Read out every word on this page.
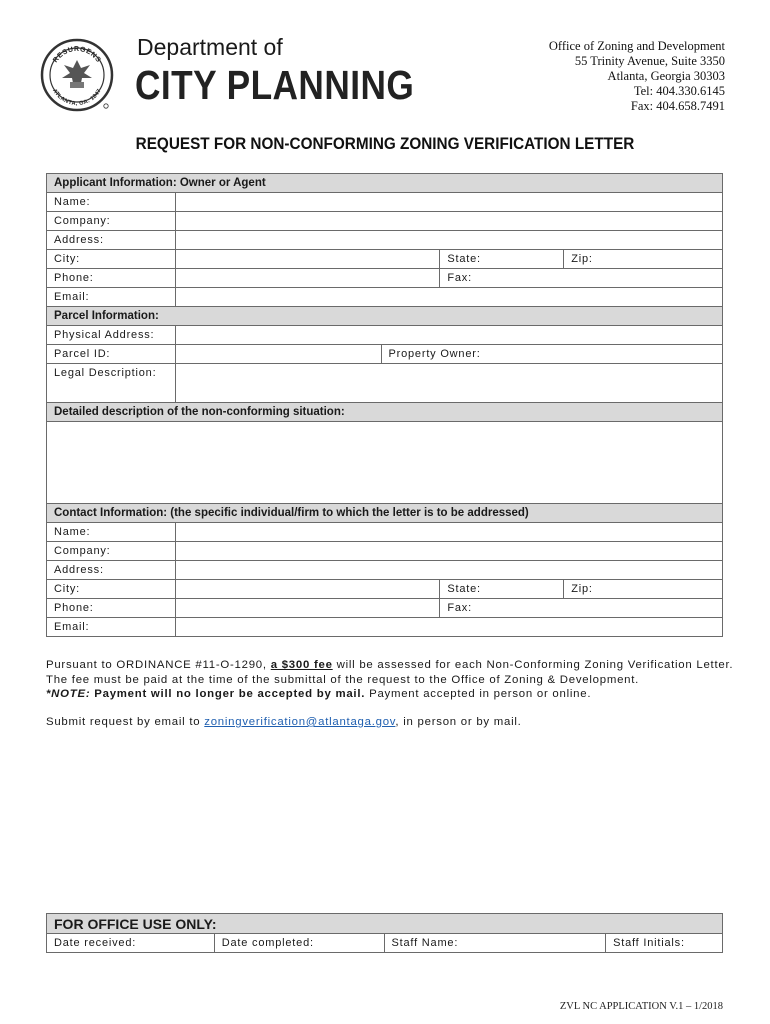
RESURGENS
ATLANTA, GA. 1847
Department of
CITY PLANNING
Office of Zoning and Development
55 Trinity Avenue, Suite 3350
Atlanta, Georgia 30303
Tel: 404.330.6145
Fax: 404.658.7491
REQUEST FOR NON-CONFORMING ZONING VERIFICATION LETTER
Applicant Information: Owner or Agent				
Name:				
Company:				
Address:				
City:			State:	Zip:
Phone:			Fax:	
Email:				
Parcel Information:				
Physical Address:				
Parcel ID:		Property Owner:		
Legal Description:				
Detailed description of the non-conforming situation:				

Contact Information: (the specific individual/firm to which the letter is to be addressed)				
Name:				
Company:				
Address:				
City:			State:	Zip:
Phone:			Fax:	
Email:				
Pursuant to ORDINANCE #11-O-1290, a $300 fee will be assessed for each Non-Conforming Zoning Verification Letter. The fee must be paid at the time of the submittal of the request to the Office of Zoning & Development.
*NOTE: Payment will no longer be accepted by mail. Payment accepted in person or online.
Submit request by email to zoningverification@atlantaga.gov, in person or by mail.
FOR OFFICE USE ONLY:
Date received:	Date completed:	Staff Name:	Staff Initials:
ZVL NC APPLICATION V.1 – 1/2018
